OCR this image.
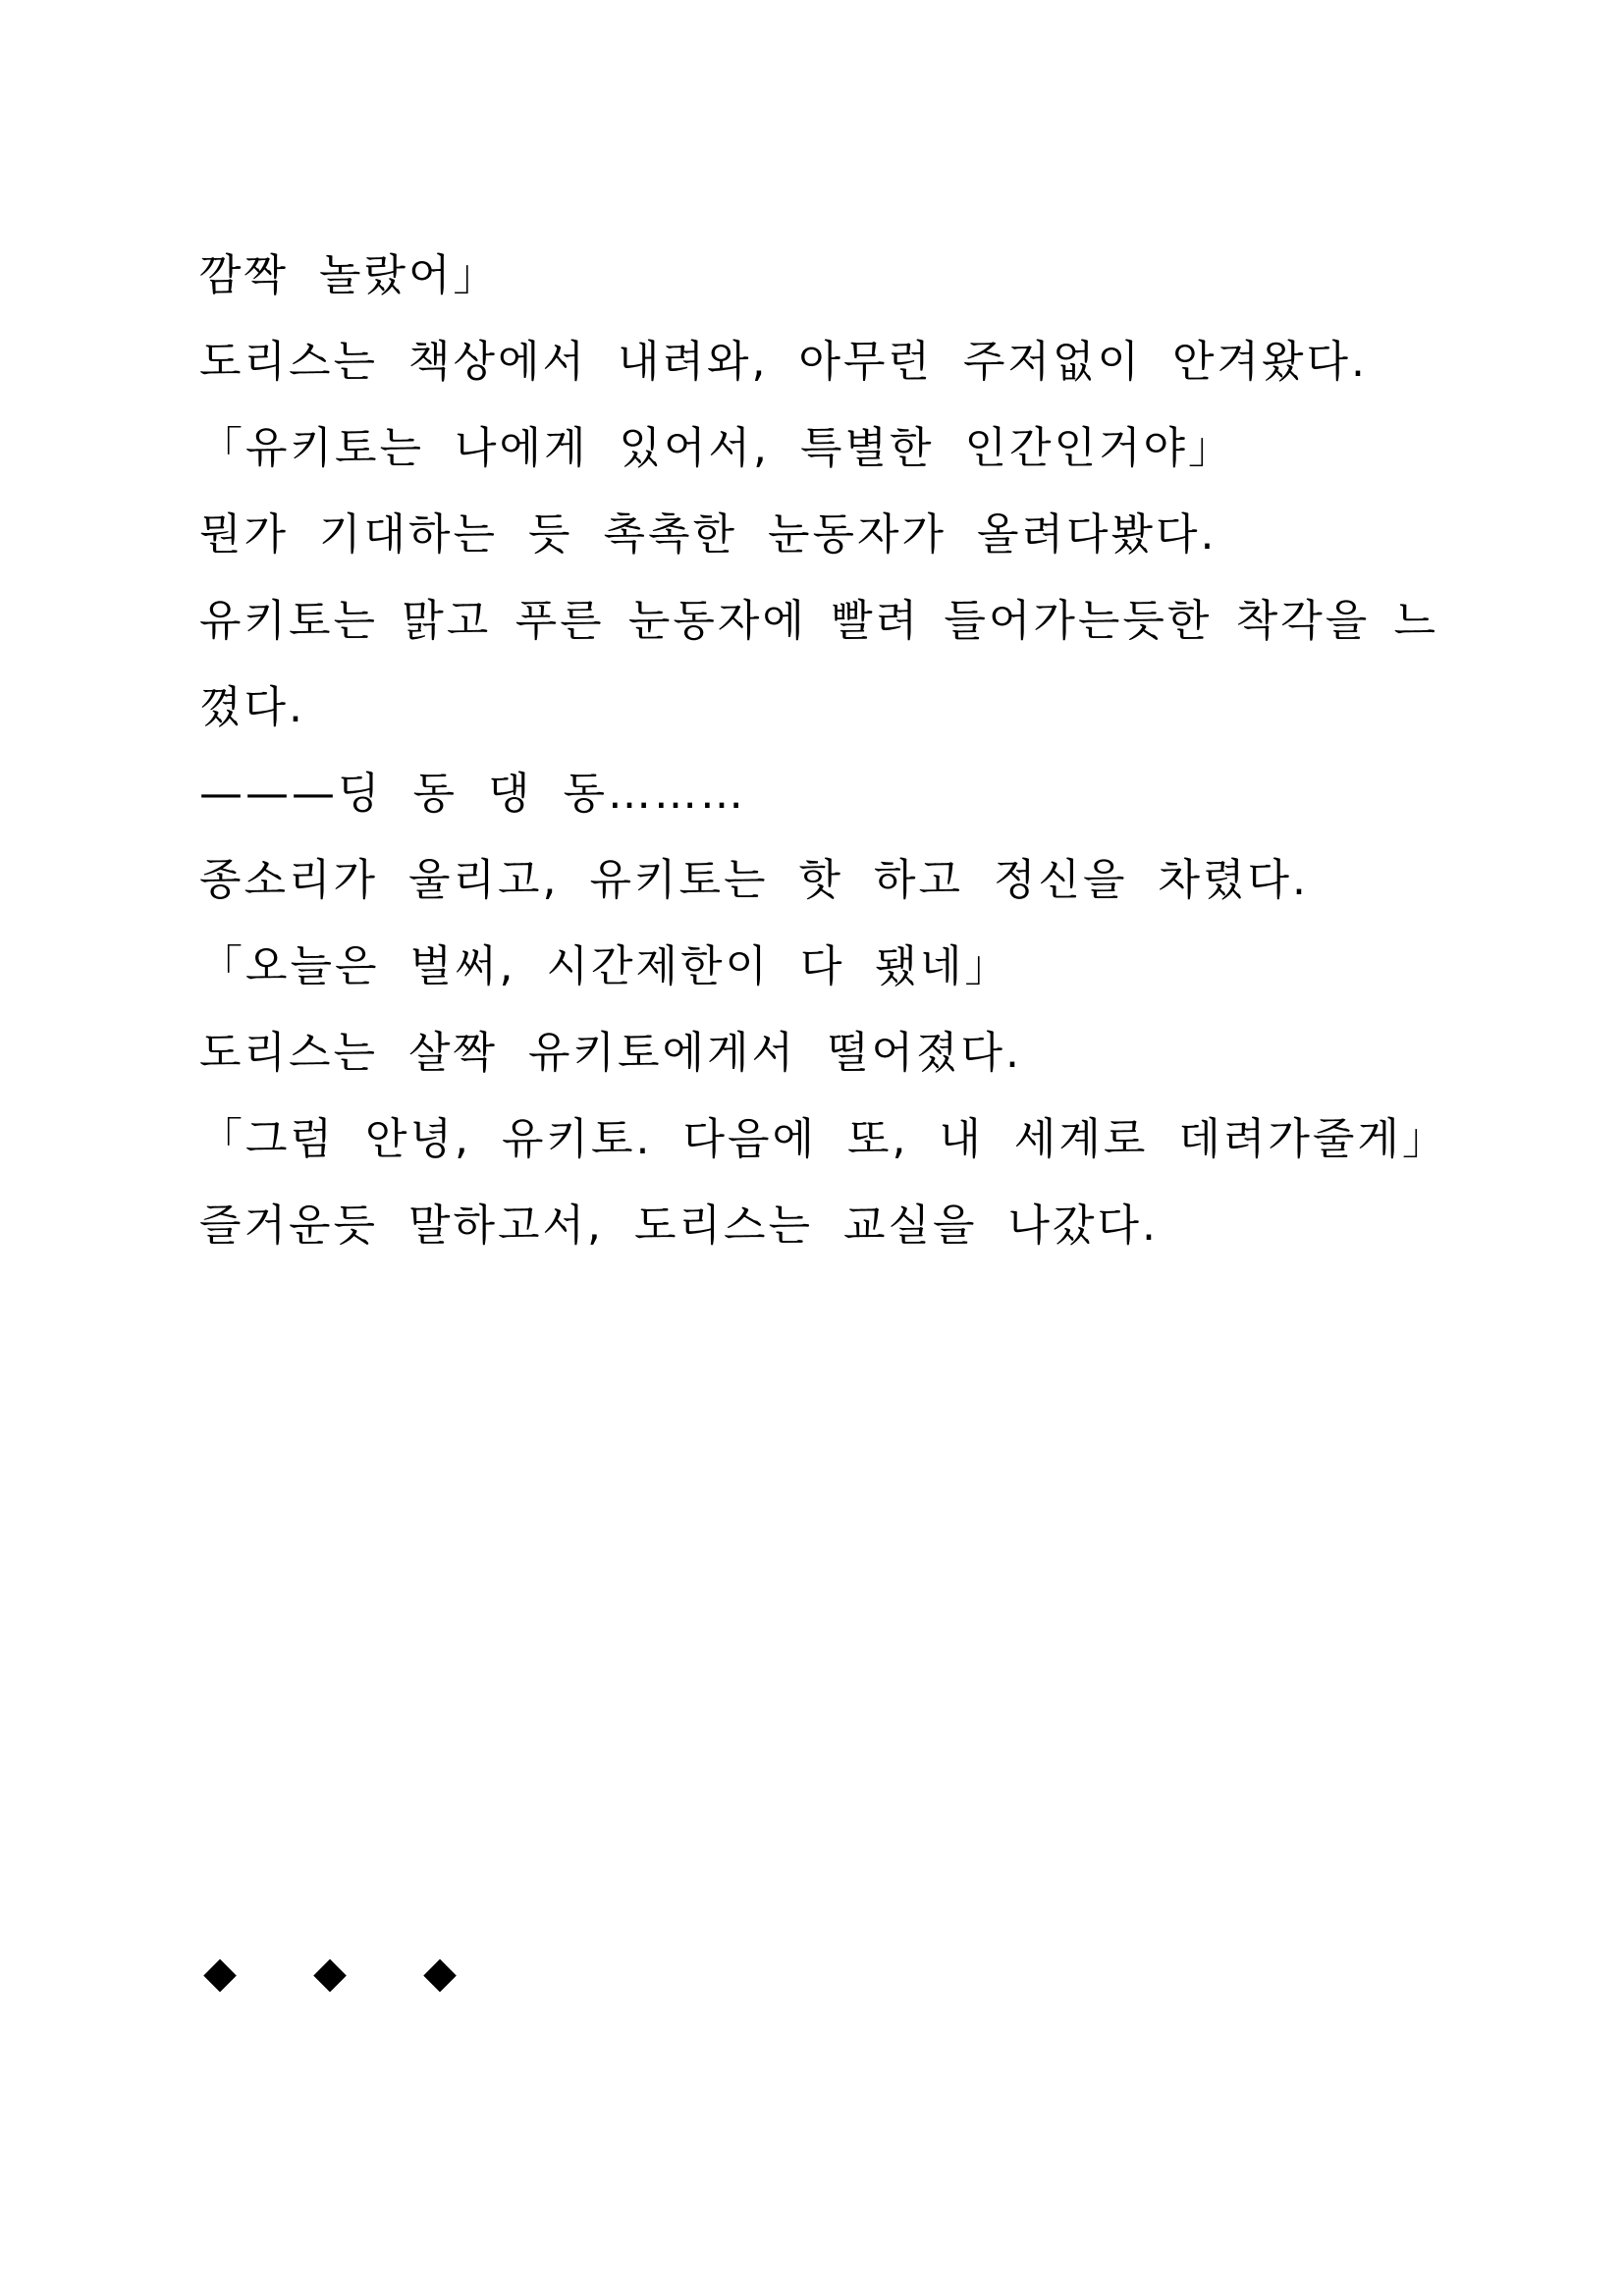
깜짝 놀랐어」

도리스는 책상에서 내려와, 아무런 주저없이 안겨왔다.

「유키토는 나에게 있어서, 특별한 인간인거야」

뭔가 기대하는 듯 촉촉한 눈동자가 올려다봤다.

유키토는 맑고 푸른 눈동자에 빨려 들어가는듯한 착각을 느

꼈다.

———딩 동 댕 동………

종소리가 울리고, 유키토는 핫 하고 정신을 차렸다.

「오늘은 벌써, 시간제한이 다 됐네」

도리스는 살짝 유키토에게서 떨어졌다.

「그럼 안녕, 유키토. 다음에 또, 내 세계로 데려가줄게」

즐거운듯 말하고서, 도리스는 교실을 나갔다.

◆ ◆ ◆
